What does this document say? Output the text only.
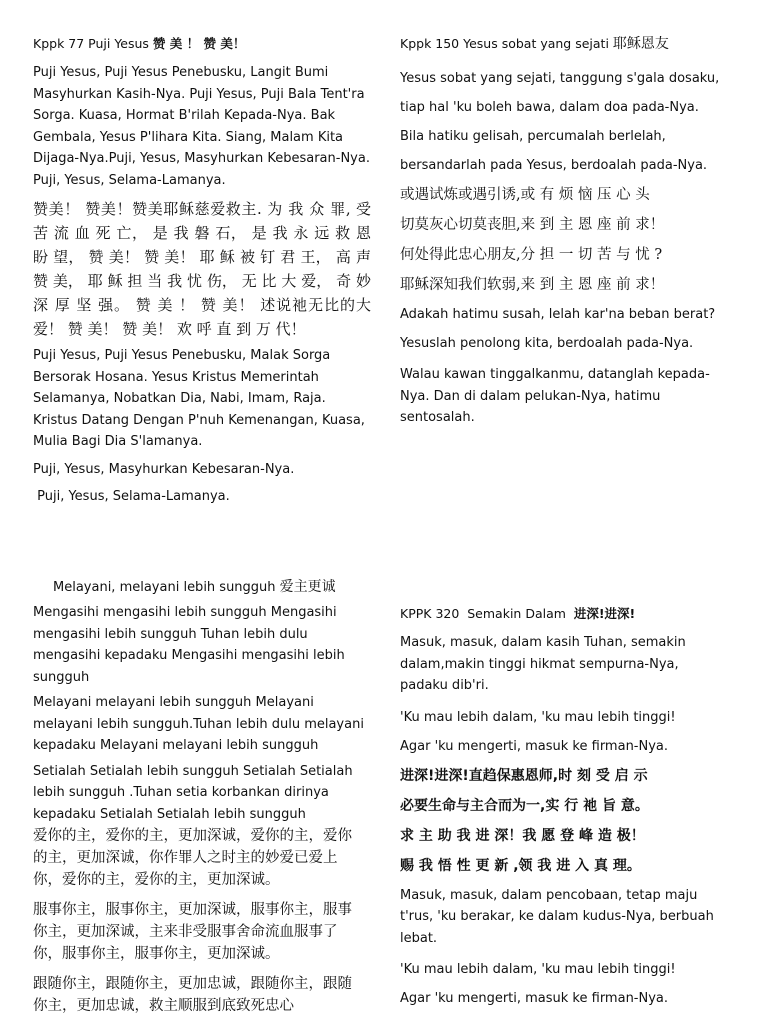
Kppk 77 Puji Yesus 赞 美 ！ 赞 美！

Puji Yesus, Puji Yesus Penebusku, Langit Bumi Masyhurkan Kasih-Nya. Puji Yesus, Puji Bala Tent'ra Sorga. Kuasa, Hormat B'rilah Kepada-Nya. Bak Gembala, Yesus P'lihara Kita. Siang, Malam Kita Dijaga-Nya.Puji, Yesus, Masyhurkan Kebesaran-Nya. Puji, Yesus, Selama-Lamanya.

赞美！ 赞美！赞美耶稣慈爱救主. 为 我 众 罪, 受 苦 流 血 死 亡， 是 我 磐 石， 是 我 永 远 救 恩 盼 望， 赞 美！ 赞 美！ 耶 稣 被 钉 君 王， 高 声 赞 美， 耶 稣 担 当 我 忧 伤， 无 比 大 爱， 奇 妙 深 厚 坚 强。 赞 美 ！ 赞 美！ 述说祂无比的大爱！ 赞 美！ 赞 美！ 欢 呼 直 到 万 代！

Puji Yesus, Puji Yesus Penebusku, Malak Sorga Bersorak Hosana. Yesus Kristus Memerintah Selamanya, Nobatkan Dia, Nabi, Imam, Raja. Kristus Datang Dengan P'nuh Kemenangan, Kuasa, Mulia Bagi Dia S'lamanya.

Puji, Yesus, Masyhurkan Kebesaran-Nya.

Puji, Yesus, Selama-Lamanya.

Kppk 150 Yesus sobat yang sejati 耶稣恩友

Yesus sobat yang sejati, tanggung s'gala dosaku,

tiap hal 'ku boleh bawa, dalam doa pada-Nya.

Bila hatiku gelisah, percumalah berlelah,

bersandarlah pada Yesus, berdoalah pada-Nya.

或遇试炼或遇引诱,或 有 烦 恼 压 心 头

切莫灰心切莫丧胆,来 到 主 恩 座 前 求！

何处得此忠心朋友,分 担 一 切 苦 与 忧 ?

耶稣深知我们软弱,来 到 主 恩 座 前 求！

Adakah hatimu susah, lelah kar'na beban berat?

Yesuslah penolong kita, berdoalah pada-Nya.

Walau kawan tinggalkanmu, datanglah kepada-Nya. Dan di dalam pelukan-Nya, hatimu sentosalah.

Melayani, melayani lebih sungguh 爱主更诚

Mengasihi mengasihi lebih sungguh Mengasihi mengasihi lebih sungguh Tuhan lebih dulu mengasihi kepadaku Mengasihi mengasihi lebih sungguh

Melayani melayani lebih sungguh Melayani melayani lebih sungguh.Tuhan lebih dulu melayani kepadaku Melayani melayani lebih sungguh

Setialah Setialah lebih sungguh Setialah Setialah lebih sungguh .Tuhan setia korbankan dirinya kepadaku Setialah Setialah lebih sungguh

爱你的主，爱你的主，更加深诚，爱你的主，爱你的主，更加深诚，你作罪人之时主的妙爱已爱上你，爱你的主，爱你的主，更加深诚。

服事你主，服事你主，更加深诚，服事你主，服事你主，更加深诚，主来非受服事舍命流血服事了你，服事你主，服事你主，更加深诚。

跟随你主，跟随你主，更加忠诚，跟随你主，跟随你主，更加忠诚，救主顺服到底致死忠心

KPPK 320  Semakin Dalam  进深!进深!

Masuk, masuk, dalam kasih Tuhan, semakin dalam,makin tinggi hikmat sempurna-Nya, padaku dib'ri.

'Ku mau lebih dalam, 'ku mau lebih tinggi!

Agar 'ku mengerti, masuk ke firman-Nya.

进深!进深!直趋保惠恩师,时 刻 受 启 示

必要生命与主合而为一,实 行 祂 旨 意。

求 主 助 我 进 深！我 愿 登 峰 造 极！

赐 我 悟 性 更 新 ,领 我 进 入 真 理。

Masuk, masuk, dalam pencobaan, tetap maju t'rus, 'ku berakar, ke dalam kudus-Nya, berbuah lebat.

'Ku mau lebih dalam, 'ku mau lebih tinggi!

Agar 'ku mengerti, masuk ke firman-Nya.
